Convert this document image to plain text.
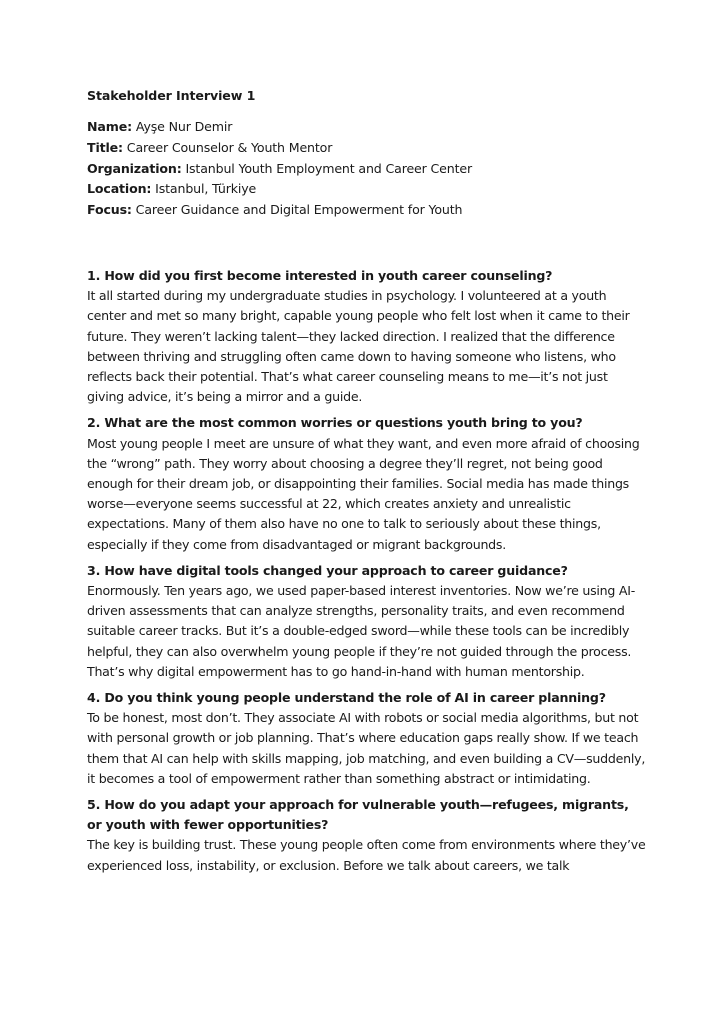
Stakeholder Interview 1
Name: Ayşe Nur Demir
Title: Career Counselor & Youth Mentor
Organization: Istanbul Youth Employment and Career Center
Location: Istanbul, Türkiye
Focus: Career Guidance and Digital Empowerment for Youth

1. How did you first become interested in youth career counseling?

It all started during my undergraduate studies in psychology. I volunteered at a youth center and met so many bright, capable young people who felt lost when it came to their future. They weren’t lacking talent—they lacked direction. I realized that the difference between thriving and struggling often came down to having someone who listens, who reflects back their potential. That’s what career counseling means to me—it’s not just giving advice, it’s being a mirror and a guide.

2. What are the most common worries or questions youth bring to you?

Most young people I meet are unsure of what they want, and even more afraid of choosing the “wrong” path. They worry about choosing a degree they’ll regret, not being good enough for their dream job, or disappointing their families. Social media has made things worse—everyone seems successful at 22, which creates anxiety and unrealistic expectations. Many of them also have no one to talk to seriously about these things, especially if they come from disadvantaged or migrant backgrounds.

3. How have digital tools changed your approach to career guidance?

Enormously. Ten years ago, we used paper-based interest inventories. Now we’re using AI-driven assessments that can analyze strengths, personality traits, and even recommend suitable career tracks. But it’s a double-edged sword—while these tools can be incredibly helpful, they can also overwhelm young people if they’re not guided through the process. That’s why digital empowerment has to go hand-in-hand with human mentorship.

4. Do you think young people understand the role of AI in career planning?

To be honest, most don’t. They associate AI with robots or social media algorithms, but not with personal growth or job planning. That’s where education gaps really show. If we teach them that AI can help with skills mapping, job matching, and even building a CV—suddenly, it becomes a tool of empowerment rather than something abstract or intimidating.

5. How do you adapt your approach for vulnerable youth—refugees, migrants, or youth with fewer opportunities?

The key is building trust. These young people often come from environments where they’ve experienced loss, instability, or exclusion. Before we talk about careers, we talk
